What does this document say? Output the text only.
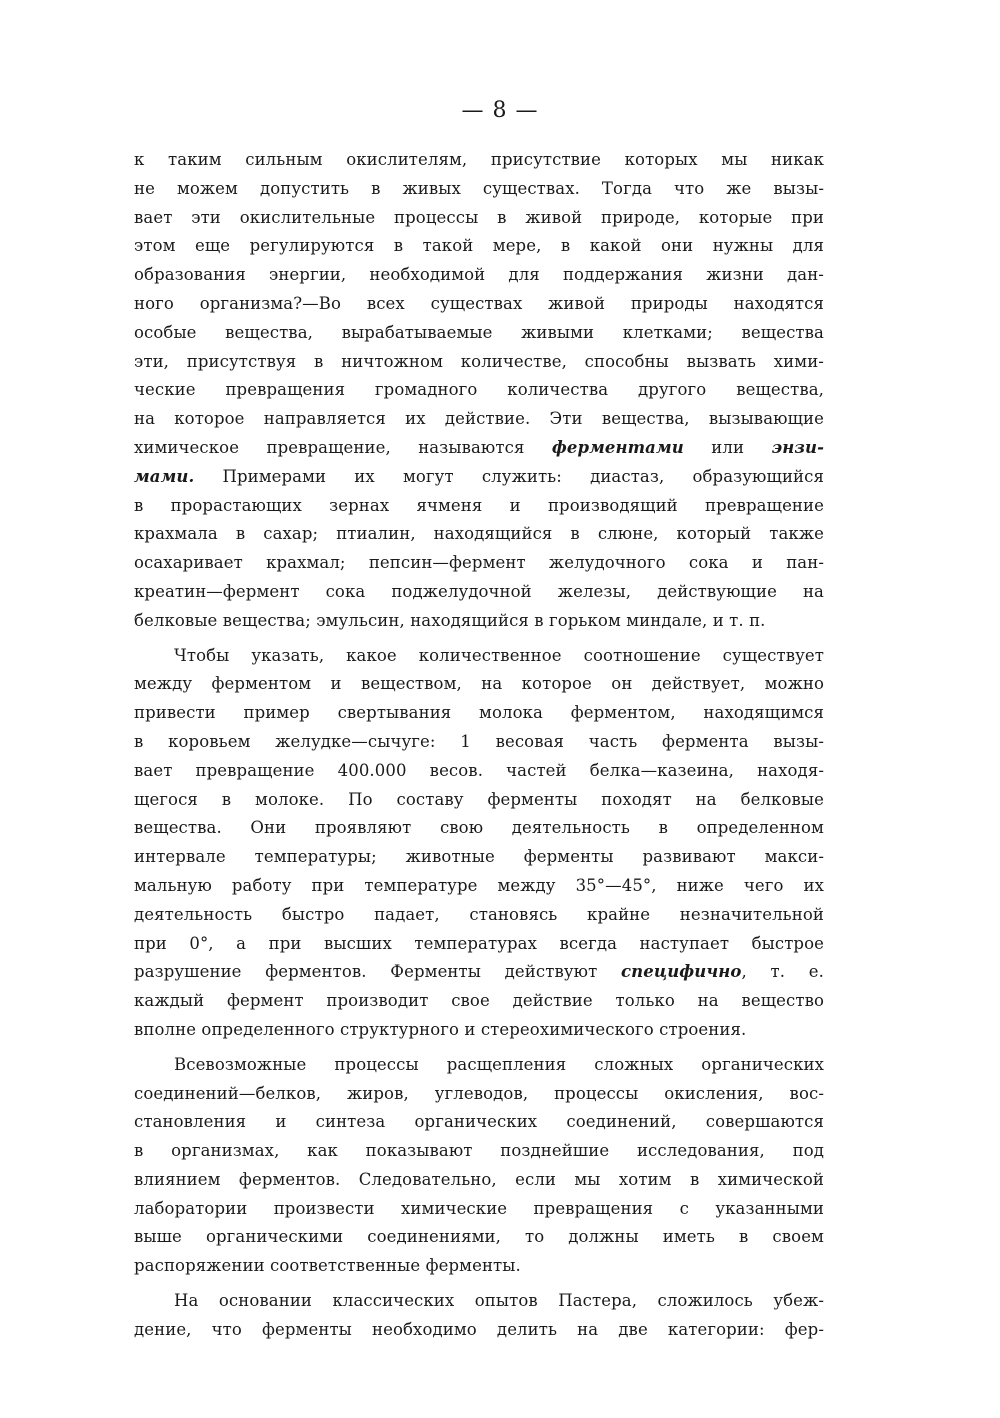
— 8 —
к таким сильным окислителям, присутствие которых мы никак
не можем допустить в живых существах. Тогда что же вызы-
вает эти окислительные процессы в живой природе, которые при
этом еще регулируются в такой мере, в какой они нужны для
образования энергии, необходимой для поддержания жизни дан-
ного организма?—Во всех существах живой природы находятся
особые вещества, вырабатываемые живыми клетками; вещества
эти, присутствуя в ничтожном количестве, способны вызвать хими-
ческие превращения громадного количества другого вещества,
на которое направляется их действие. Эти вещества, вызывающие
химическое превращение, называются ферментами или энзи-
мами. Примерами их могут служить: диастаз, образующийся
в прорастающих зернах ячменя и производящий превращение
крахмала в сахар; птиалин, находящийся в слюне, который также
осахаривает крахмал; пепсин—фермент желудочного сока и пан-
креатин—фермент сока поджелудочной железы, действующие на
белковые вещества; эмульсин, находящийся в горьком миндале, и т. п.
Чтобы указать, какое количественное соотношение существует
между ферментом и веществом, на которое он действует, можно
привести пример свертывания молока ферментом, находящимся
в коровьем желудке—сычуге: 1 весовая часть фермента вызы-
вает превращение 400.000 весов. частей белка—казеина, находя-
щегося в молоке. По составу ферменты походят на белковые
вещества. Они проявляют свою деятельность в определенном
интервале температуры; животные ферменты развивают макси-
мальную работу при температуре между 35°—45°, ниже чего их
деятельность быстро падает, становясь крайне незначительной
при 0°, а при высших температурах всегда наступает быстрое
разрушение ферментов. Ферменты действуют специфично, т. е.
каждый фермент производит свое действие только на вещество
вполне определенного структурного и стереохимического строения.
Всевозможные процессы расщепления сложных органических
соединений—белков, жиров, углеводов, процессы окисления, вос-
становления и синтеза органических соединений, совершаются
в организмах, как показывают позднейшие исследования, под
влиянием ферментов. Следовательно, если мы хотим в химической
лаборатории произвести химические превращения с указанными
выше органическими соединениями, то должны иметь в своем
распоряжении соответственные ферменты.
На основании классических опытов Пастера, сложилось убеж-
дение, что ферменты необходимо делить на две категории: фер-
